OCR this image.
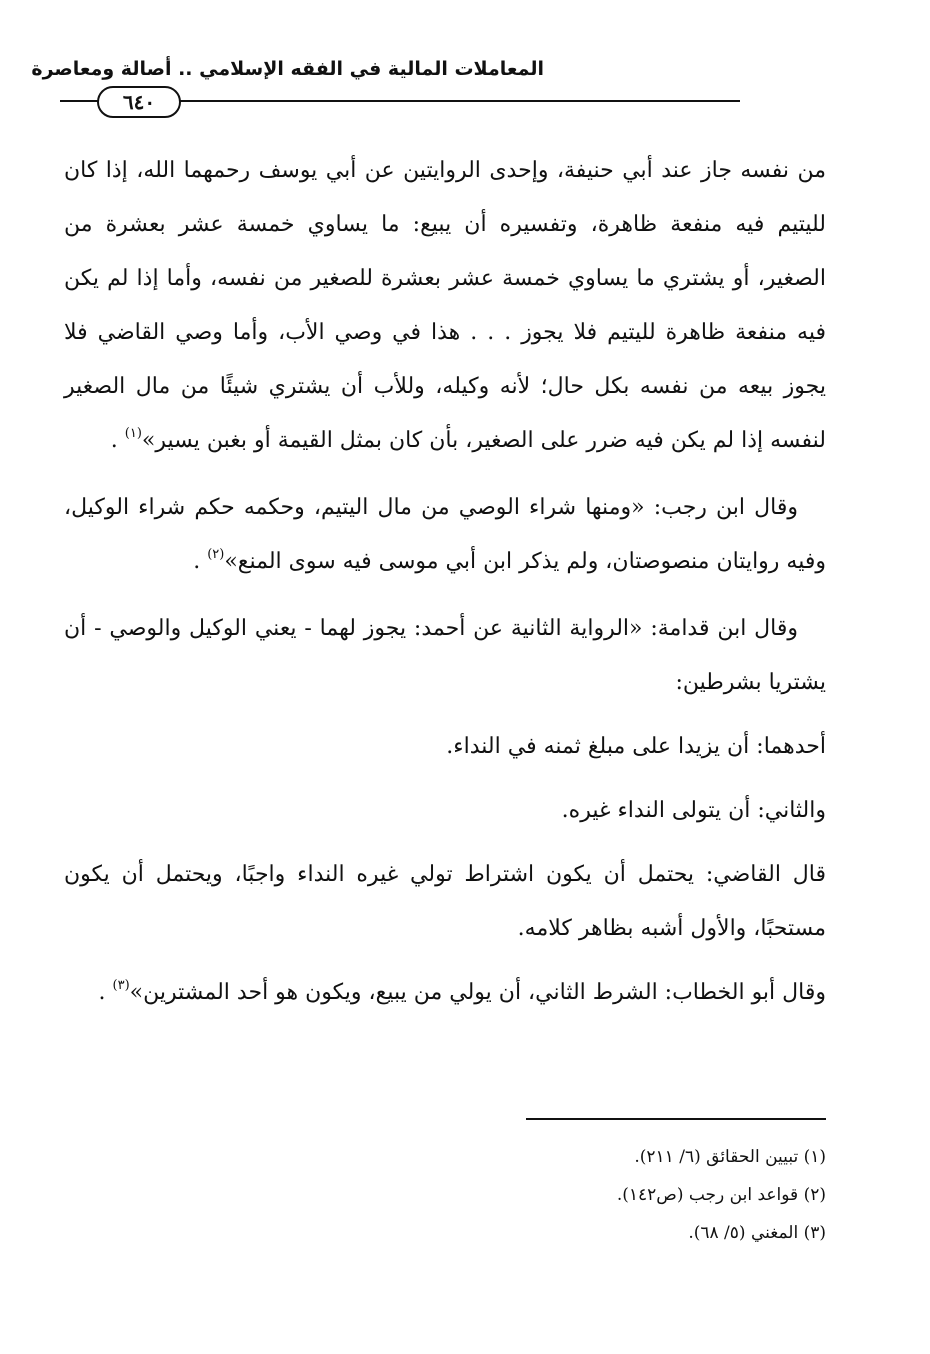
المعاملات المالية في الفقه الإسلامي .. أصالة ومعاصرة
٦٤٠

من نفسه جاز عند أبي حنيفة، وإحدى الروايتين عن أبي يوسف رحمهما الله، إذا كان لليتيم فيه منفعة ظاهرة، وتفسيره أن يبيع: ما يساوي خمسة عشر بعشرة من الصغير، أو يشتري ما يساوي خمسة عشر بعشرة للصغير من نفسه، وأما إذا لم يكن فيه منفعة ظاهرة لليتيم فلا يجوز . . . هذا في وصي الأب، وأما وصي القاضي فلا يجوز بيعه من نفسه بكل حال؛ لأنه وكيله، وللأب أن يشتري شيئًا من مال الصغير لنفسه إذا لم يكن فيه ضرر على الصغير، بأن كان بمثل القيمة أو بغبن يسير»$^{(١)}$ .

وقال ابن رجب: «ومنها شراء الوصي من مال اليتيم، وحكمه حكم شراء الوكيل، وفيه روايتان منصوصتان، ولم يذكر ابن أبي موسى فيه سوى المنع»$^{(٢)}$ .

وقال ابن قدامة: «الرواية الثانية عن أحمد: يجوز لهما - يعني الوكيل والوصي - أن يشتريا بشرطين:

أحدهما: أن يزيدا على مبلغ ثمنه في النداء.

والثاني: أن يتولى النداء غيره.

قال القاضي: يحتمل أن يكون اشتراط تولي غيره النداء واجبًا، ويحتمل أن يكون مستحبًا، والأول أشبه بظاهر كلامه.

وقال أبو الخطاب: الشرط الثاني، أن يولي من يبيع، ويكون هو أحد المشترين»$^{(٣)}$ .

(١) تبيين الحقائق (٦/ ٢١١).

(٢) قواعد ابن رجب (ص١٤٢).

(٣) المغني (٥/ ٦٨).
